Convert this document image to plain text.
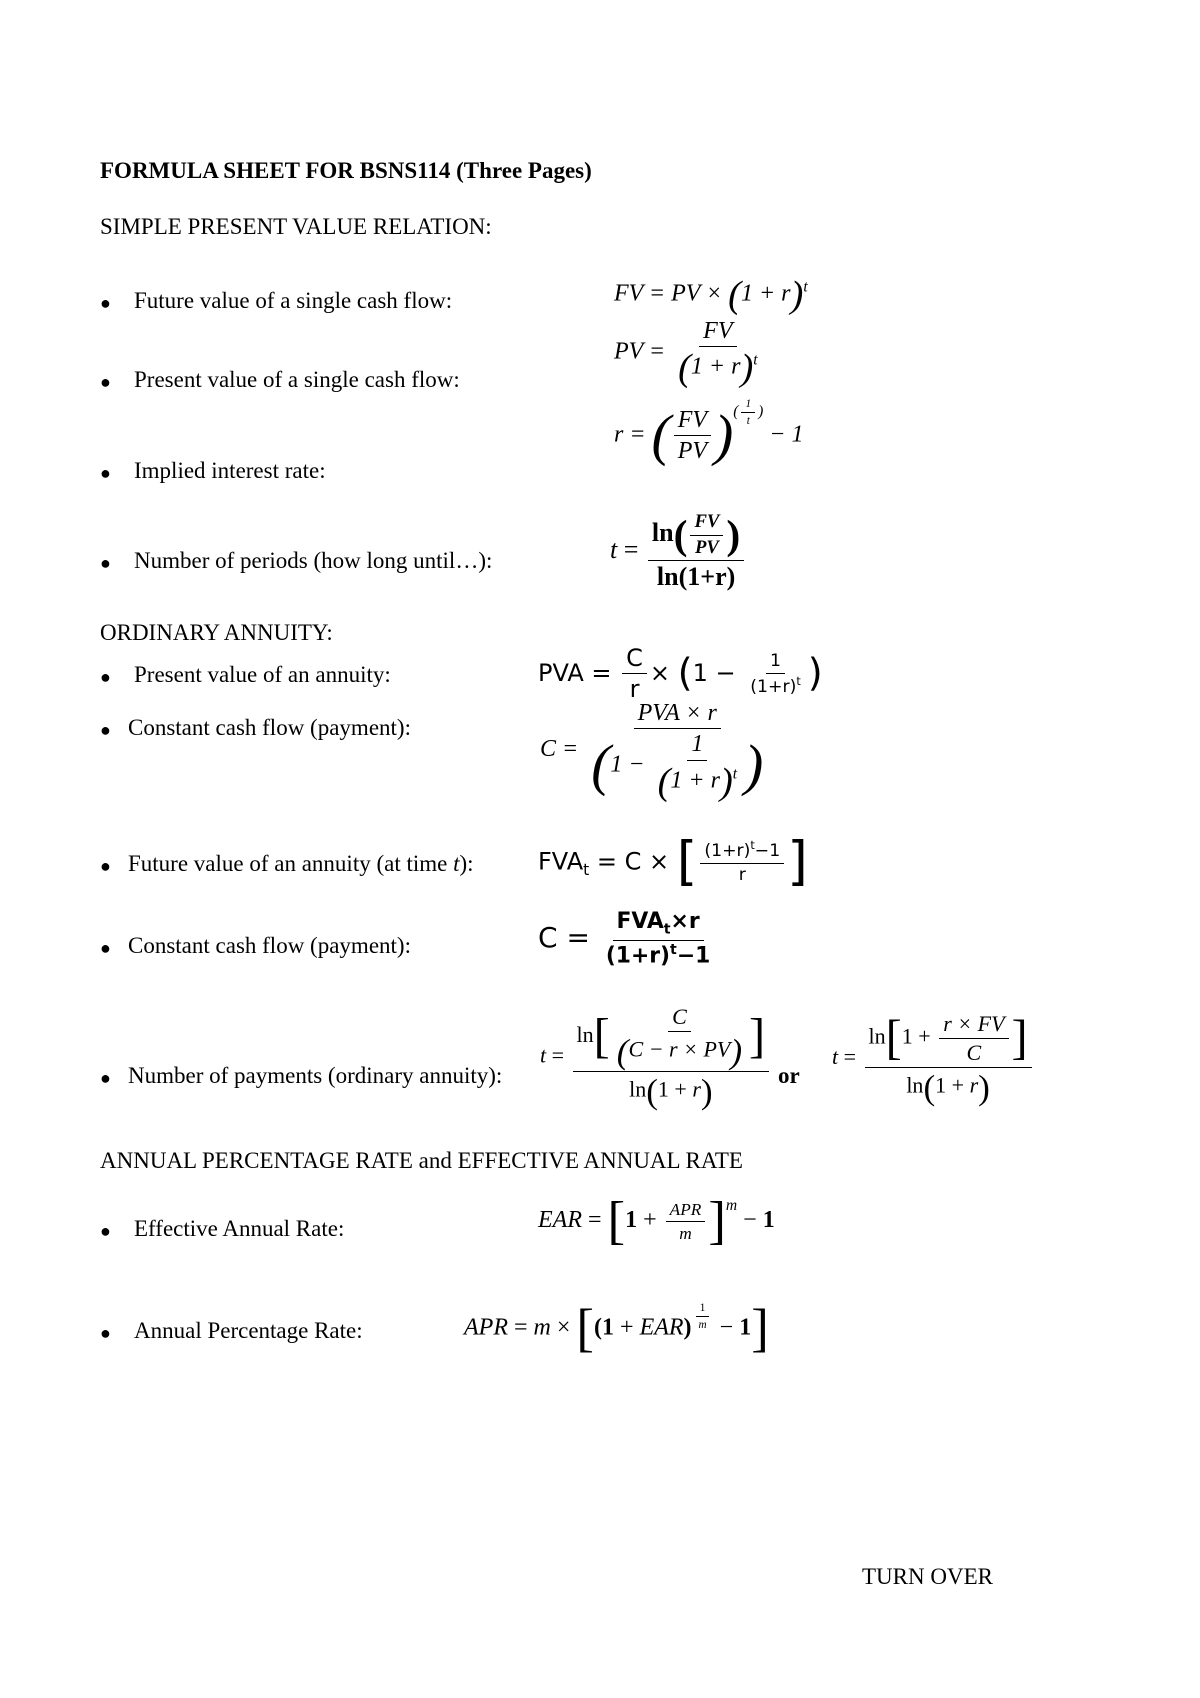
FORMULA SHEET FOR BSNS114 (Three Pages)
SIMPLE PRESENT VALUE RELATION:
● Future value of a single cash flow:	FV = PV × $(1 + r)^t$
● Present value of a single cash flow:
PV = $\frac{FV}{(1 + r)^t}$
● Implied interest rate:
r = ( $\frac{FV}{PV} )^{( \frac{1}{t} )} - 1$
● Number of periods (how long until…):	$t = \frac{\ln( \frac{FV}{PV} )}{\ln(1+r)}$
ORDINARY ANNUITY:
● Present value of an annuity:	PVA = $\frac{C}{r} \times (1 - \frac{1}{(1+r)^t}$ )
● Constant cash flow (payment):
$C = \frac{\text{PVA × r}}{(1 - \frac{1}{(1 + r)^t} )}$
● Future value of an annuity (at time t):	$FVA_t = C$ × [ $\frac{(1+r)^t-1}{r}$ ]
● Constant cash flow (payment):	$C = \frac{FVA_t\times r}{(1+r)^t-1}$
● Number of payments (ordinary annuity):
$t = \frac{\ln[ \frac{C}{(C - r \times PV)} ]}{\ln(1 + r)}$ or
$t = \frac{\ln[1 + \frac{r \times FV}{C} ]}{\ln(1 + r)}$
ANNUAL PERCENTAGE RATE and EFFECTIVE ANNUAL RATE
● Effective Annual Rate:	EAR = $[1 + \frac{\text{APR}}{m} ]^m - 1$
● Annual Percentage Rate:	APR = m × [(1 + EAR) $^{\frac{1}{m}}$ − 1]
TURN OVER
